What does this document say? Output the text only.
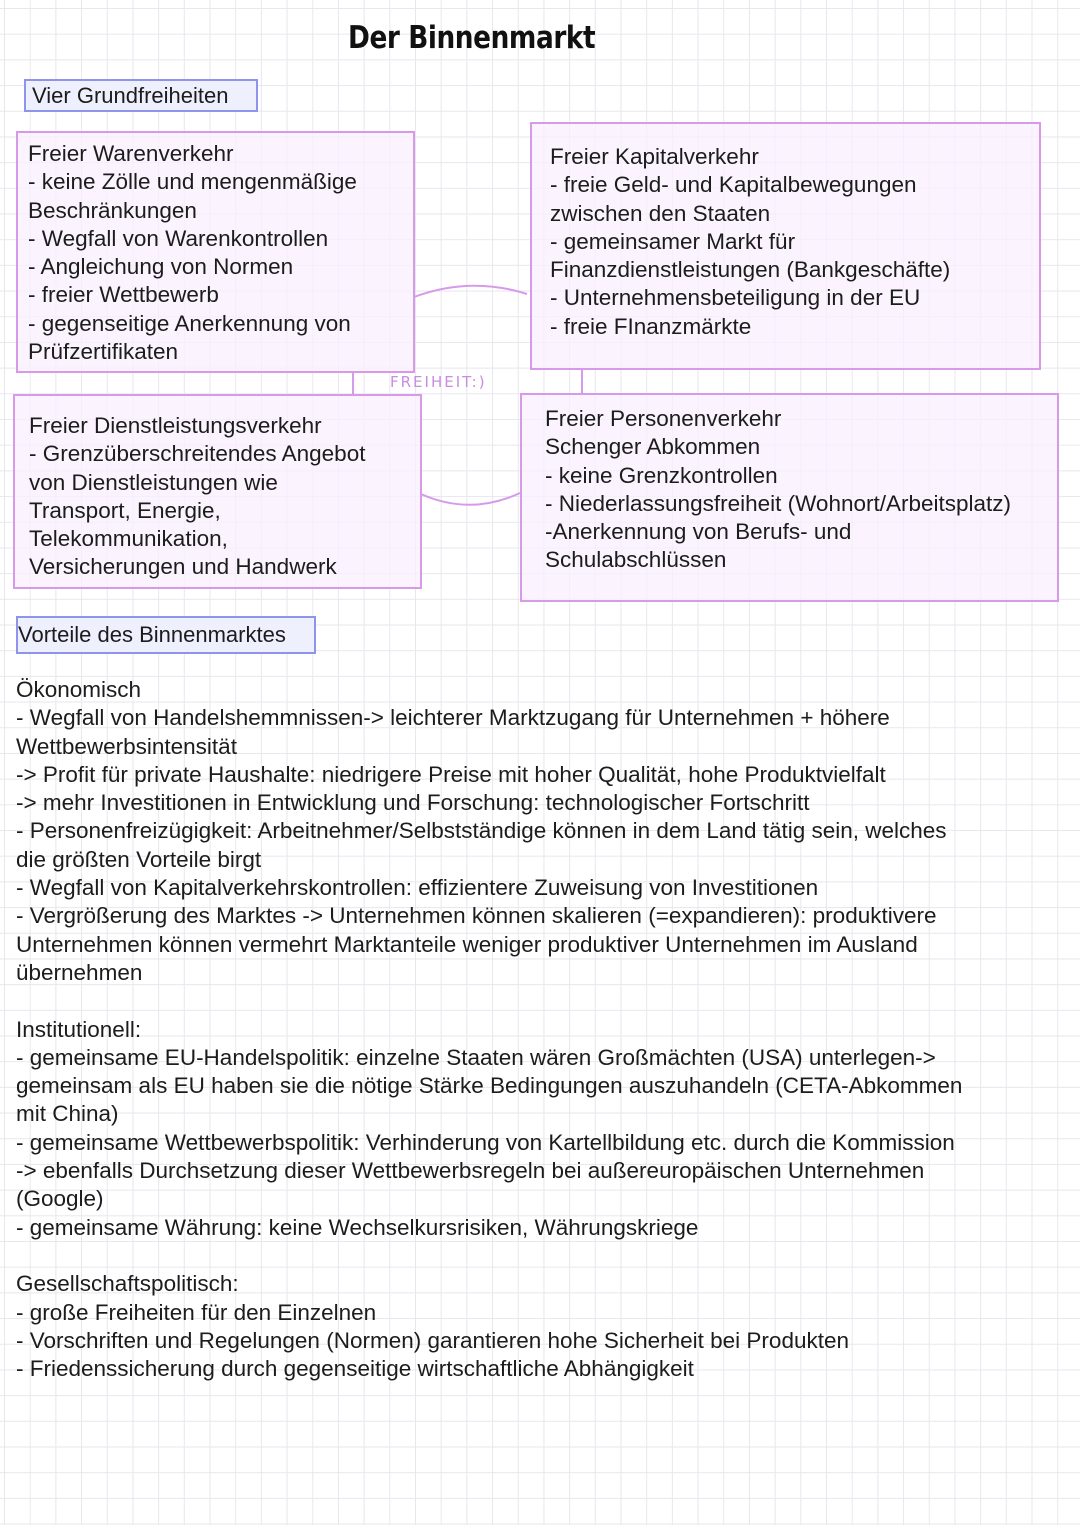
Der Binnenmarkt
Vier Grundfreiheiten
FREIHEIT:)
Freier Warenverkehr
- keine Zölle und mengenmäßige
Beschränkungen
- Wegfall von Warenkontrollen
- Angleichung von Normen
- freier Wettbewerb
- gegenseitige Anerkennung von
Prüfzertifikaten
Freier Kapitalverkehr
- freie Geld- und Kapitalbewegungen
zwischen den Staaten
- gemeinsamer Markt für
Finanzdienstleistungen (Bankgeschäfte)
- Unternehmensbeteiligung in der EU
- freie FInanzmärkte
Freier Dienstleistungsverkehr
- Grenzüberschreitendes Angebot
von Dienstleistungen wie
Transport, Energie,
Telekommunikation,
Versicherungen und Handwerk
Freier Personenverkehr
Schenger Abkommen
- keine Grenzkontrollen
- Niederlassungsfreiheit (Wohnort/Arbeitsplatz)
-Anerkennung von Berufs- und
Schulabschlüssen
Vorteile des Binnenmarktes
Ökonomisch
- Wegfall von Handelshemmnissen-> leichterer Marktzugang für Unternehmen + höhere
Wettbewerbsintensität
-> Profit für private Haushalte: niedrigere Preise mit hoher Qualität, hohe Produktvielfalt
-> mehr Investitionen in Entwicklung und Forschung: technologischer Fortschritt
- Personenfreizügigkeit: Arbeitnehmer/Selbstständige können in dem Land tätig sein, welches
die größten Vorteile birgt
- Wegfall von Kapitalverkehrskontrollen: effizientere Zuweisung von Investitionen
- Vergrößerung des Marktes -> Unternehmen können skalieren (=expandieren): produktivere
Unternehmen können vermehrt Marktanteile weniger produktiver Unternehmen im Ausland
übernehmen
Institutionell:
- gemeinsame EU-Handelspolitik: einzelne Staaten wären Großmächten (USA) unterlegen->
gemeinsam als EU haben sie die nötige Stärke Bedingungen auszuhandeln (CETA-Abkommen
mit China)
- gemeinsame Wettbewerbspolitik: Verhinderung von Kartellbildung etc. durch die Kommission
-> ebenfalls Durchsetzung dieser Wettbewerbsregeln bei außereuropäischen Unternehmen
(Google)
- gemeinsame Währung: keine Wechselkursrisiken, Währungskriege
Gesellschaftspolitisch:
- große Freiheiten für den Einzelnen
- Vorschriften und Regelungen (Normen) garantieren hohe Sicherheit bei Produkten
- Friedenssicherung durch gegenseitige wirtschaftliche Abhängigkeit
